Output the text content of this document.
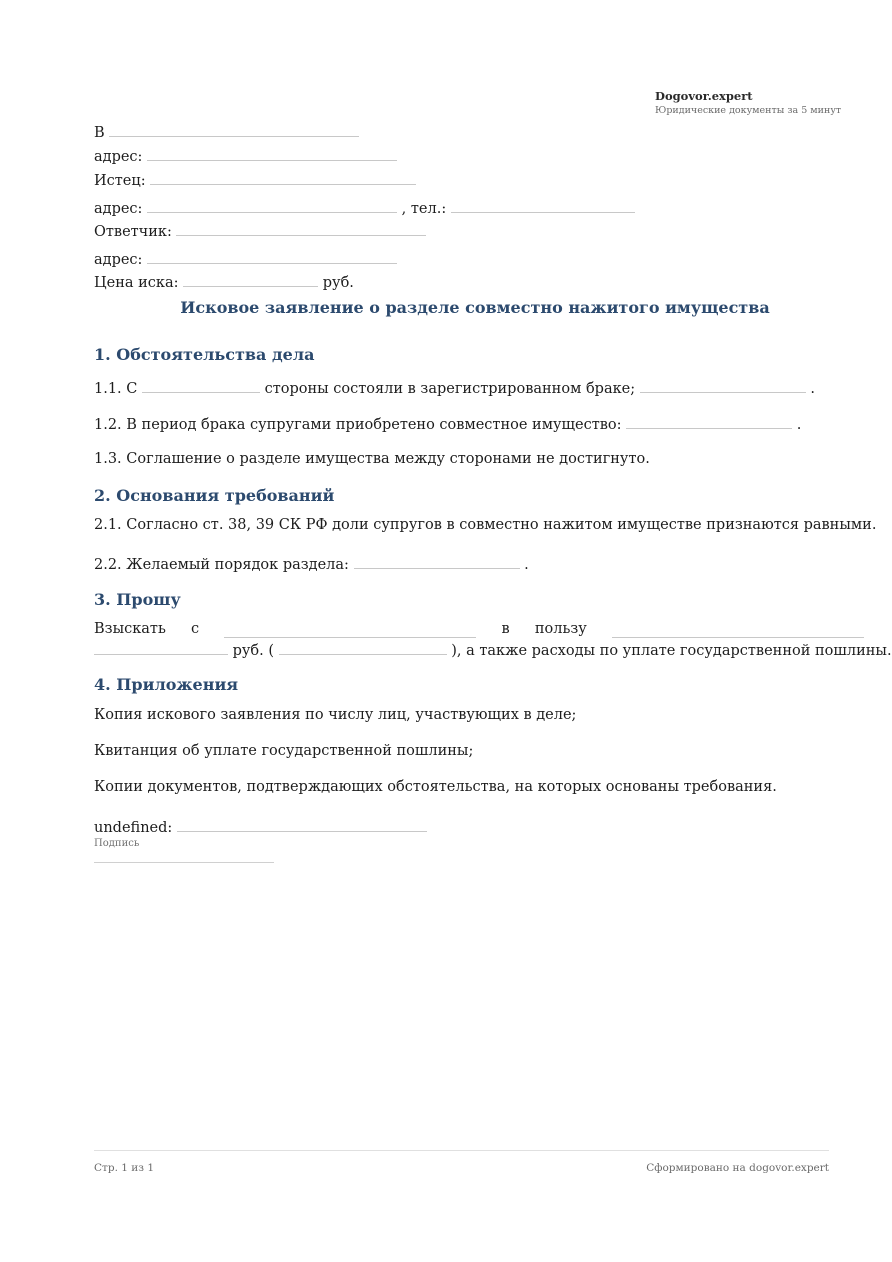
Dogovor.expert
Юридические документы за 5 минут
В
адрес:
Истец:
адрес:	, тел.:
Ответчик:
адрес:
Цена иска:	руб.
Исковое заявление о разделе совместно нажитого имущества
1. Обстоятельства дела
1.1. С	стороны состояли в зарегистрированном браке;	.
1.2. В период брака супругами приобретено совместное имущество:	.
1.3. Соглашение о разделе имущества между сторонами не достигнуто.
2. Основания требований
2.1. Согласно ст. 38, 39 СК РФ доли супругов в совместно нажитом имуществе признаются равными.
2.2. Желаемый порядок раздела:	.
3. Прошу
Взыскать с	в пользу
руб. (	), а также расходы по уплате государственной пошлины.
4. Приложения
Копия искового заявления по числу лиц, участвующих в деле;
Квитанция об уплате государственной пошлины;
Копии документов, подтверждающих обстоятельства, на которых основаны требования.
undefined:
Подпись
Стр. 1 из 1	Сформировано на dogovor.expert
